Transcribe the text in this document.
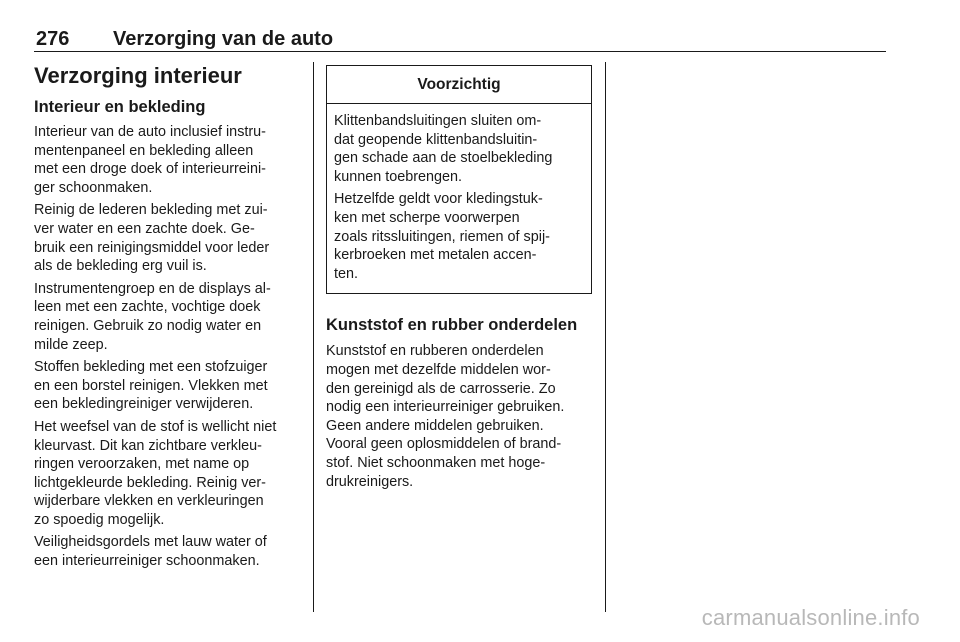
276 Verzorging van de auto
Verzorging interieur
Interieur en bekleding

Interieur van de auto inclusief instru-
mentenpaneel en bekleding alleen
met een droge doek of interieurreini-
ger schoonmaken.

Reinig de lederen bekleding met zui-
ver water en een zachte doek. Ge-
bruik een reinigingsmiddel voor leder
als de bekleding erg vuil is.

Instrumentengroep en de displays al-
leen met een zachte, vochtige doek
reinigen. Gebruik zo nodig water en
milde zeep.

Stoffen bekleding met een stofzuiger
en een borstel reinigen. Vlekken met
een bekledingreiniger verwijderen.

Het weefsel van de stof is wellicht niet
kleurvast. Dit kan zichtbare verkleu-
ringen veroorzaken, met name op
lichtgekleurde bekleding. Reinig ver-
wijderbare vlekken en verkleuringen
zo spoedig mogelijk.

Veiligheidsgordels met lauw water of
een interieurreiniger schoonmaken.

Voorzichtig

Klittenbandsluitingen sluiten om-
dat geopende klittenbandsluitin-
gen schade aan de stoelbekleding
kunnen toebrengen.

Hetzelfde geldt voor kledingstuk-
ken met scherpe voorwerpen
zoals ritssluitingen, riemen of spij-
kerbroeken met metalen accen-
ten.

Kunststof en rubber onderdelen

Kunststof en rubberen onderdelen
mogen met dezelfde middelen wor-
den gereinigd als de carrosserie. Zo
nodig een interieurreiniger gebruiken.
Geen andere middelen gebruiken.
Vooral geen oplosmiddelen of brand-
stof. Niet schoonmaken met hoge-
drukreinigers.

carmanualsonline.info
